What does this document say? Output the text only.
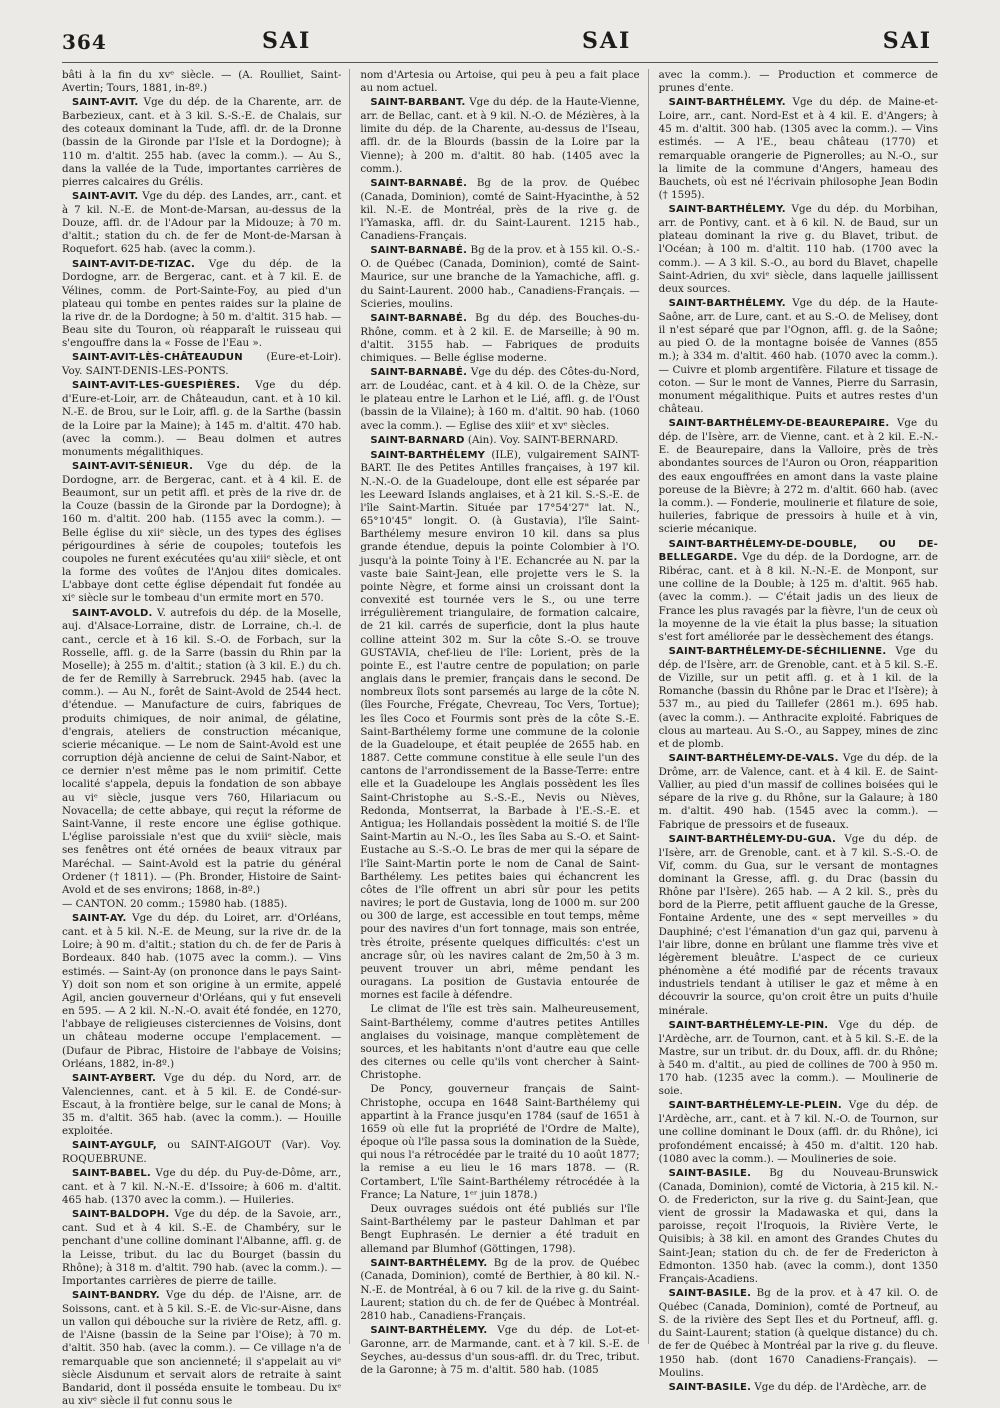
364	SAI	SAI	SAI

bâti à la fin du xvᵉ siècle. — (A. Roulliet, Saint-Avertin; Tours, 1881, in-8º.)

SAINT-AVIT. Vge du dép. de la Charente, arr. de Barbezieux, cant. et à 3 kil. S.-S.-E. de Chalais, sur des coteaux dominant la Tude, affl. dr. de la Dronne (bassin de la Gironde par l'Isle et la Dordogne); à 110 m. d'altit. 255 hab. (avec la comm.). — Au S., dans la vallée de la Tude, importantes carrières de pierres calcaires du Grélis.

SAINT-AVIT. Vge du dép. des Landes, arr., cant. et à 7 kil. N.-E. de Mont-de-Marsan, au-dessus de la Douze, affl. dr. de l'Adour par la Midouze; à 70 m. d'altit.; station du ch. de fer de Mont-de-Marsan à Roquefort. 625 hab. (avec la comm.).

SAINT-AVIT-DE-TIZAC. Vge du dép. de la Dordogne, arr. de Bergerac, cant. et à 7 kil. E. de Vélines, comm. de Port-Sainte-Foy, au pied d'un plateau qui tombe en pentes raides sur la plaine de la rive dr. de la Dordogne; à 50 m. d'altit. 315 hab. — Beau site du Touron, où réapparaît le ruisseau qui s'engouffre dans la « Fosse de l'Eau ».

SAINT-AVIT-LÈS-CHÂTEAUDUN (Eure-et-Loir). Voy. SAINT-DENIS-LES-PONTS.

SAINT-AVIT-LES-GUESPIÈRES. Vge du dép. d'Eure-et-Loir, arr. de Châteaudun, cant. et à 10 kil. N.-E. de Brou, sur le Loir, affl. g. de la Sarthe (bassin de la Loire par la Maine); à 145 m. d'altit. 470 hab. (avec la comm.). — Beau dolmen et autres monuments mégalithiques.

SAINT-AVIT-SÉNIEUR. Vge du dép. de la Dordogne, arr. de Bergerac, cant. et à 4 kil. E. de Beaumont, sur un petit affl. et près de la rive dr. de la Couze (bassin de la Gironde par la Dordogne); à 160 m. d'altit. 200 hab. (1155 avec la comm.). — Belle église du xiiᵉ siècle, un des types des églises périgourdines à série de coupoles; toutefois les coupoles ne furent exécutées qu'au xiiiᵉ siècle, et ont la forme des voûtes de l'Anjou dites domicales. L'abbaye dont cette église dépendait fut fondée au xiᵉ siècle sur le tombeau d'un ermite mort en 570.

SAINT-AVOLD. V. autrefois du dép. de la Moselle, auj. d'Alsace-Lorraine, distr. de Lorraine, ch.-l. de cant., cercle et à 16 kil. S.-O. de Forbach, sur la Rosselle, affl. g. de la Sarre (bassin du Rhin par la Moselle); à 255 m. d'altit.; station (à 3 kil. E.) du ch. de fer de Remilly à Sarrebruck. 2945 hab. (avec la comm.). — Au N., forêt de Saint-Avold de 2544 hect. d'étendue. — Manufacture de cuirs, fabriques de produits chimiques, de noir animal, de gélatine, d'engrais, ateliers de construction mécanique, scierie mécanique. — Le nom de Saint-Avold est une corruption déjà ancienne de celui de Saint-Nabor, et ce dernier n'est même pas le nom primitif. Cette localité s'appela, depuis la fondation de son abbaye au viᵉ siècle, jusque vers 760, Hilariacum ou Novacella; de cette abbaye, qui reçut la réforme de Saint-Vanne, il reste encore une église gothique. L'église paroissiale n'est que du xviiiᵉ siècle, mais ses fenêtres ont été ornées de beaux vitraux par Maréchal. — Saint-Avold est la patrie du général Ordener († 1811). — (Ph. Bronder, Histoire de Saint-Avold et de ses environs; 1868, in-8º.)

— CANTON. 20 comm.; 15980 hab. (1885).

SAINT-AY. Vge du dép. du Loiret, arr. d'Orléans, cant. et à 5 kil. N.-E. de Meung, sur la rive dr. de la Loire; à 90 m. d'altit.; station du ch. de fer de Paris à Bordeaux. 840 hab. (1075 avec la comm.). — Vins estimés. — Saint-Ay (on prononce dans le pays Saint-Y) doit son nom et son origine à un ermite, appelé Agil, ancien gouverneur d'Orléans, qui y fut enseveli en 595. — A 2 kil. N.-N.-O. avait été fondée, en 1270, l'abbaye de religieuses cisterciennes de Voisins, dont un château moderne occupe l'emplacement. — (Dufaur de Pibrac, Histoire de l'abbaye de Voisins; Orléans, 1882, in-8º.)

SAINT-AYBERT. Vge du dép. du Nord, arr. de Valenciennes, cant. et à 5 kil. E. de Condé-sur-Escaut, à la frontière belge, sur le canal de Mons; à 35 m. d'altit. 365 hab. (avec la comm.). — Houille exploitée.

SAINT-AYGULF, ou SAINT-AIGOUT (Var). Voy. ROQUEBRUNE.

SAINT-BABEL. Vge du dép. du Puy-de-Dôme, arr., cant. et à 7 kil. N.-N.-E. d'Issoire; à 606 m. d'altit. 465 hab. (1370 avec la comm.). — Huileries.

SAINT-BALDOPH. Vge du dép. de la Savoie, arr., cant. Sud et à 4 kil. S.-E. de Chambéry, sur le penchant d'une colline dominant l'Albanne, affl. g. de la Leisse, tribut. du lac du Bourget (bassin du Rhône); à 318 m. d'altit. 790 hab. (avec la comm.). — Importantes carrières de pierre de taille.

SAINT-BANDRY. Vge du dép. de l'Aisne, arr. de Soissons, cant. et à 5 kil. S.-E. de Vic-sur-Aisne, dans un vallon qui débouche sur la rivière de Retz, affl. g. de l'Aisne (bassin de la Seine par l'Oise); à 70 m. d'altit. 350 hab. (avec la comm.). — Ce village n'a de remarquable que son ancienneté; il s'appelait au viᵉ siècle Aisdunum et servait alors de retraite à saint Bandarid, dont il posséda ensuite le tombeau. Du ixᵉ au xivᵉ siècle il fut connu sous le

nom d'Artesia ou Artoise, qui peu à peu a fait place au nom actuel.

SAINT-BARBANT. Vge du dép. de la Haute-Vienne, arr. de Bellac, cant. et à 9 kil. N.-O. de Mézières, à la limite du dép. de la Charente, au-dessus de l'Iseau, affl. dr. de la Blourds (bassin de la Loire par la Vienne); à 200 m. d'altit. 80 hab. (1405 avec la comm.).

SAINT-BARNABÉ. Bg de la prov. de Québec (Canada, Dominion), comté de Saint-Hyacinthe, à 52 kil. N.-E. de Montréal, près de la rive g. de l'Yamaska, affl. dr. du Saint-Laurent. 1215 hab., Canadiens-Français.

SAINT-BARNABÉ. Bg de la prov. et à 155 kil. O.-S.-O. de Québec (Canada, Dominion), comté de Saint-Maurice, sur une branche de la Yamachiche, affl. g. du Saint-Laurent. 2000 hab., Canadiens-Français. — Scieries, moulins.

SAINT-BARNABÉ. Bg du dép. des Bouches-du-Rhône, comm. et à 2 kil. E. de Marseille; à 90 m. d'altit. 3155 hab. — Fabriques de produits chimiques. — Belle église moderne.

SAINT-BARNABÉ. Vge du dép. des Côtes-du-Nord, arr. de Loudéac, cant. et à 4 kil. O. de la Chèze, sur le plateau entre le Larhon et le Lié, affl. g. de l'Oust (bassin de la Vilaine); à 160 m. d'altit. 90 hab. (1060 avec la comm.). — Eglise des xiiiᵉ et xvᵉ siècles.

SAINT-BARNARD (Ain). Voy. SAINT-BERNARD.

SAINT-BARTHÉLEMY (ILE), vulgairement SAINT-BART. Ile des Petites Antilles françaises, à 197 kil. N.-N.-O. de la Guadeloupe, dont elle est séparée par les Leeward Islands anglaises, et à 21 kil. S.-S.-E. de l'île Saint-Martin. Située par 17°54'27" lat. N., 65°10'45" longit. O. (à Gustavia), l'île Saint-Barthélemy mesure environ 10 kil. dans sa plus grande étendue, depuis la pointe Colombier à l'O. jusqu'à la pointe Toiny à l'E. Echancrée au N. par la vaste baie Saint-Jean, elle projette vers le S. la pointe Nègre, et forme ainsi un croissant dont la convexité est tournée vers le S., ou une terre irrégulièrement triangulaire, de formation calcaire, de 21 kil. carrés de superficie, dont la plus haute colline atteint 302 m. Sur la côte S.-O. se trouve GUSTAVIA, chef-lieu de l'île: Lorient, près de la pointe E., est l'autre centre de population; on parle anglais dans le premier, français dans le second. De nombreux îlots sont parsemés au large de la côte N. (îles Fourche, Frégate, Chevreau, Toc Vers, Tortue); les îles Coco et Fourmis sont près de la côte S.-E. Saint-Barthélemy forme une commune de la colonie de la Guadeloupe, et était peuplée de 2655 hab. en 1887. Cette commune constitue à elle seule l'un des cantons de l'arrondissement de la Basse-Terre: entre elle et la Guadeloupe les Anglais possèdent les îles Saint-Christophe au S.-S.-E., Nevis ou Nièves, Redonda, Montserrat, la Barbade à l'E.-S.-E. et Antigua; les Hollandais possèdent la moitié S. de l'île Saint-Martin au N.-O., les îles Saba au S.-O. et Saint-Eustache au S.-S.-O. Le bras de mer qui la sépare de l'île Saint-Martin porte le nom de Canal de Saint-Barthélemy. Les petites baies qui échancrent les côtes de l'île offrent un abri sûr pour les petits navires; le port de Gustavia, long de 1000 m. sur 200 ou 300 de large, est accessible en tout temps, même pour des navires d'un fort tonnage, mais son entrée, très étroite, présente quelques difficultés: c'est un ancrage sûr, où les navires calant de 2m,50 à 3 m. peuvent trouver un abri, même pendant les ouragans. La position de Gustavia entourée de mornes est facile à défendre.

Le climat de l'île est très sain. Malheureusement, Saint-Barthélemy, comme d'autres petites Antilles anglaises du voisinage, manque complètement de sources, et les habitants n'ont d'autre eau que celle des citernes ou celle qu'ils vont chercher à Saint-Christophe.

De Poncy, gouverneur français de Saint-Christophe, occupa en 1648 Saint-Barthélemy qui appartint à la France jusqu'en 1784 (sauf de 1651 à 1659 où elle fut la propriété de l'Ordre de Malte), époque où l'île passa sous la domination de la Suède, qui nous l'a rétrocédée par le traité du 10 août 1877; la remise a eu lieu le 16 mars 1878. — (R. Cortambert, L'île Saint-Barthélemy rétrocédée à la France; La Nature, 1ᵉʳ juin 1878.)

Deux ouvrages suédois ont été publiés sur l'île Saint-Barthélemy par le pasteur Dahlman et par Bengt Euphrasén. Le dernier a été traduit en allemand par Blumhof (Göttingen, 1798).

SAINT-BARTHÉLEMY. Bg de la prov. de Québec (Canada, Dominion), comté de Berthier, à 80 kil. N.-N.-E. de Montréal, à 6 ou 7 kil. de la rive g. du Saint-Laurent; station du ch. de fer de Québec à Montréal. 2810 hab., Canadiens-Français.

SAINT-BARTHÉLEMY. Vge du dép. de Lot-et-Garonne, arr. de Marmande, cant. et à 7 kil. S.-E. de Seyches, au-dessus d'un sous-affl. dr. du Trec, tribut. de la Garonne; à 75 m. d'altit. 580 hab. (1085

avec la comm.). — Production et commerce de prunes d'ente.

SAINT-BARTHÉLEMY. Vge du dép. de Maine-et-Loire, arr., cant. Nord-Est et à 4 kil. E. d'Angers; à 45 m. d'altit. 300 hab. (1305 avec la comm.). — Vins estimés. — A l'E., beau château (1770) et remarquable orangerie de Pignerolles; au N.-O., sur la limite de la commune d'Angers, hameau des Bauchets, où est né l'écrivain philosophe Jean Bodin († 1595).

SAINT-BARTHÉLEMY. Vge du dép. du Morbihan, arr. de Pontivy, cant. et à 6 kil. N. de Baud, sur un plateau dominant la rive g. du Blavet, tribut. de l'Océan; à 100 m. d'altit. 110 hab. (1700 avec la comm.). — A 3 kil. S.-O., au bord du Blavet, chapelle Saint-Adrien, du xviᵉ siècle, dans laquelle jaillissent deux sources.

SAINT-BARTHÉLEMY. Vge du dép. de la Haute-Saône, arr. de Lure, cant. et au S.-O. de Melisey, dont il n'est séparé que par l'Ognon, affl. g. de la Saône; au pied O. de la montagne boisée de Vannes (855 m.); à 334 m. d'altit. 460 hab. (1070 avec la comm.). — Cuivre et plomb argentifère. Filature et tissage de coton. — Sur le mont de Vannes, Pierre du Sarrasin, monument mégalithique. Puits et autres restes d'un château.

SAINT-BARTHÉLEMY-DE-BEAUREPAIRE. Vge du dép. de l'Isère, arr. de Vienne, cant. et à 2 kil. E.-N.-E. de Beaurepaire, dans la Valloire, près de très abondantes sources de l'Auron ou Oron, réapparition des eaux engouffrées en amont dans la vaste plaine poreuse de la Bièvre; à 272 m. d'altit. 660 hab. (avec la comm.). — Fonderie, moulinerie et filature de soie, huileries, fabrique de pressoirs à huile et à vin, scierie mécanique.

SAINT-BARTHÉLEMY-DE-DOUBLE, OU DE-BELLEGARDE. Vge du dép. de la Dordogne, arr. de Ribérac, cant. et à 8 kil. N.-N.-E. de Monpont, sur une colline de la Double; à 125 m. d'altit. 965 hab. (avec la comm.). — C'était jadis un des lieux de France les plus ravagés par la fièvre, l'un de ceux où la moyenne de la vie était la plus basse; la situation s'est fort améliorée par le dessèchement des étangs.

SAINT-BARTHÉLEMY-DE-SÉCHILIENNE. Vge du dép. de l'Isère, arr. de Grenoble, cant. et à 5 kil. S.-E. de Vizille, sur un petit affl. g. et à 1 kil. de la Romanche (bassin du Rhône par le Drac et l'Isère); à 537 m., au pied du Taillefer (2861 m.). 695 hab. (avec la comm.). — Anthracite exploité. Fabriques de clous au marteau. Au S.-O., au Sappey, mines de zinc et de plomb.

SAINT-BARTHÉLEMY-DE-VALS. Vge du dép. de la Drôme, arr. de Valence, cant. et à 4 kil. E. de Saint-Vallier, au pied d'un massif de collines boisées qui le sépare de la rive g. du Rhône, sur la Galaure; à 180 m. d'altit. 490 hab. (1545 avec la comm.). — Fabrique de pressoirs et de fuseaux.

SAINT-BARTHÉLEMY-DU-GUA. Vge du dép. de l'Isère, arr. de Grenoble, cant. et à 7 kil. S.-S.-O. de Vif, comm. du Gua, sur le versant de montagnes dominant la Gresse, affl. g. du Drac (bassin du Rhône par l'Isère). 265 hab. — A 2 kil. S., près du bord de la Pierre, petit affluent gauche de la Gresse, Fontaine Ardente, une des « sept merveilles » du Dauphiné; c'est l'émanation d'un gaz qui, parvenu à l'air libre, donne en brûlant une flamme très vive et légèrement bleuâtre. L'aspect de ce curieux phénomène a été modifié par de récents travaux industriels tendant à utiliser le gaz et même à en découvrir la source, qu'on croit être un puits d'huile minérale.

SAINT-BARTHÉLEMY-LE-PIN. Vge du dép. de l'Ardèche, arr. de Tournon, cant. et à 5 kil. S.-E. de la Mastre, sur un tribut. dr. du Doux, affl. dr. du Rhône; à 540 m. d'altit., au pied de collines de 700 à 950 m. 170 hab. (1235 avec la comm.). — Moulinerie de soie.

SAINT-BARTHÉLEMY-LE-PLEIN. Vge du dép. de l'Ardèche, arr., cant. et à 7 kil. N.-O. de Tournon, sur une colline dominant le Doux (affl. dr. du Rhône), ici profondément encaissé; à 450 m. d'altit. 120 hab. (1080 avec la comm.). — Moulineries de soie.

SAINT-BASILE. Bg du Nouveau-Brunswick (Canada, Dominion), comté de Victoria, à 215 kil. N.-O. de Fredericton, sur la rive g. du Saint-Jean, que vient de grossir la Madawaska et qui, dans la paroisse, reçoit l'Iroquois, la Rivière Verte, le Quisibis; à 38 kil. en amont des Grandes Chutes du Saint-Jean; station du ch. de fer de Fredericton à Edmonton. 1350 hab. (avec la comm.), dont 1350 Français-Acadiens.

SAINT-BASILE. Bg de la prov. et à 47 kil. O. de Québec (Canada, Dominion), comté de Portneuf, au S. de la rivière des Sept Iles et du Portneuf, affl. g. du Saint-Laurent; station (à quelque distance) du ch. de fer de Québec à Montréal par la rive g. du fleuve. 1950 hab. (dont 1670 Canadiens-Français). — Moulins.

SAINT-BASILE. Vge du dép. de l'Ardèche, arr. de
